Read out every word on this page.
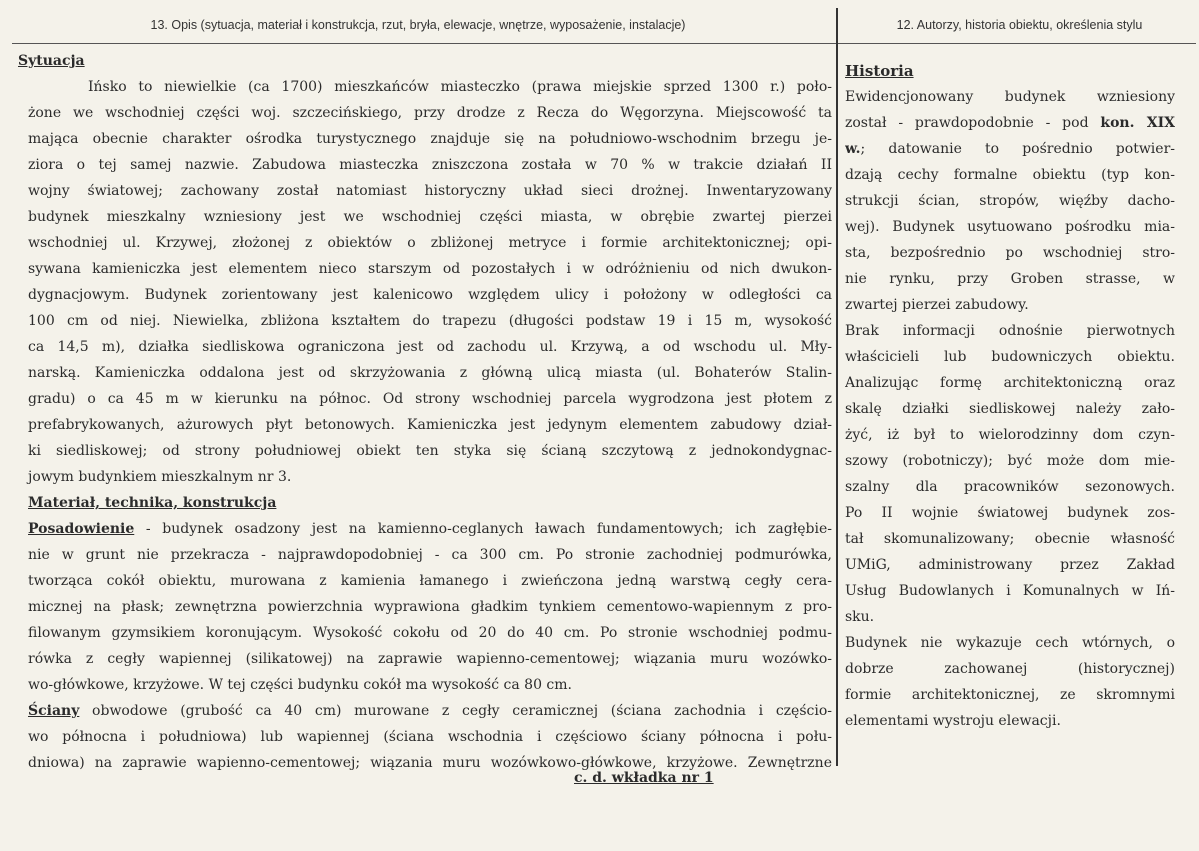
13. Opis (sytuacja, materiał i konstrukcja, rzut, bryła, elewacje, wnętrze, wyposażenie, instalacje)	12. Autorzy, historia obiektu, określenia stylu
Sytuacja
Ińsko to niewielkie (ca 1700) mieszkańców miasteczko (prawa miejskie sprzed 1300 r.) poło-
żone we wschodniej części woj. szczecińskiego, przy drodze z Recza do Węgorzyna. Miejscowość ta
mająca obecnie charakter ośrodka turystycznego znajduje się na południowo-wschodnim brzegu je-
ziora o tej samej nazwie. Zabudowa miasteczka zniszczona została w 70 % w trakcie działań II
wojny światowej; zachowany został natomiast historyczny układ sieci drożnej. Inwentaryzowany
budynek mieszkalny wzniesiony jest we wschodniej części miasta, w obrębie zwartej pierzei
wschodniej ul. Krzywej, złożonej z obiektów o zbliżonej metryce i formie architektonicznej; opi-
sywana kamieniczka jest elementem nieco starszym od pozostałych i w odróżnieniu od nich dwukon-
dygnacjowym. Budynek zorientowany jest kalenicowo względem ulicy i położony w odległości ca
100 cm od niej. Niewielka, zbliżona kształtem do trapezu (długości podstaw 19 i 15 m, wysokość
ca 14,5 m), działka siedliskowa ograniczona jest od zachodu ul. Krzywą, a od wschodu ul. Mły-
narską. Kamieniczka oddalona jest od skrzyżowania z główną ulicą miasta (ul. Bohaterów Stalin-
gradu) o ca 45 m w kierunku na północ. Od strony wschodniej parcela wygrodzona jest płotem z
prefabrykowanych, ażurowych płyt betonowych. Kamieniczka jest jedynym elementem zabudowy dział-
ki siedliskowej; od strony południowej obiekt ten styka się ścianą szczytową z jednokondygnac-
jowym budynkiem mieszkalnym nr 3.
Materiał, technika, konstrukcja
Posadowienie - budynek osadzony jest na kamienno-ceglanych ławach fundamentowych; ich zagłębie-
nie w grunt nie przekracza - najprawdopodobniej - ca 300 cm. Po stronie zachodniej podmurówka,
tworząca cokół obiektu, murowana z kamienia łamanego i zwieńczona jedną warstwą cegły cera-
micznej na płask; zewnętrzna powierzchnia wyprawiona gładkim tynkiem cementowo-wapiennym z pro-
filowanym gzymsikiem koronującym. Wysokość cokołu od 20 do 40 cm. Po stronie wschodniej podmu-
rówka z cegły wapiennej (silikatowej) na zaprawie wapienno-cementowej; wiązania muru wozówko-
wo-główkowe, krzyżowe. W tej części budynku cokół ma wysokość ca 80 cm.
Ściany obwodowe (grubość ca 40 cm) murowane z cegły ceramicznej (ściana zachodnia i częścio-
wo północna i południowa) lub wapiennej (ściana wschodnia i częściowo ściany północna i połu-
dniowa) na zaprawie wapienno-cementowej; wiązania muru wozówkowo-główkowe, krzyżowe. Zewnętrzne
Historia
Ewidencjonowany budynek wzniesiony
został - prawdopodobnie - pod kon. XIX
w.; datowanie to pośrednio potwier-
dzają cechy formalne obiektu (typ kon-
strukcji ścian, stropów, więźby dacho-
wej). Budynek usytuowano pośrodku mia-
sta, bezpośrednio po wschodniej stro-
nie rynku, przy Groben strasse, w
zwartej pierzei zabudowy.
Brak informacji odnośnie pierwotnych
właścicieli lub budowniczych obiektu.
Analizując formę architektoniczną oraz
skalę działki siedliskowej należy zało-
żyć, iż był to wielorodzinny dom czyn-
szowy (robotniczy); być może dom mie-
szalny dla pracowników sezonowych.
Po II wojnie światowej budynek zos-
tał skomunalizowany; obecnie własność
UMiG, administrowany przez Zakład
Usług Budowlanych i Komunalnych w Iń-
sku.
Budynek nie wykazuje cech wtórnych, o
dobrze zachowanej (historycznej)
formie architektonicznej, ze skromnymi
elementami wystroju elewacji.
c. d. wkładka nr 1
